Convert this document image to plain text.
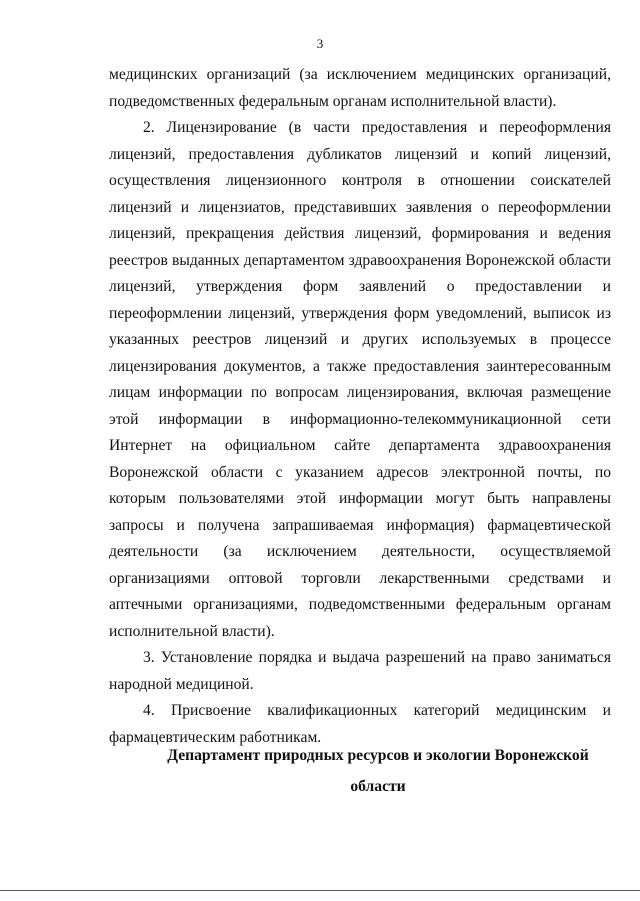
3

медицинских организаций (за исключением медицинских организаций, подведомственных федеральным органам исполнительной власти).

2. Лицензирование (в части предоставления и переоформления лицензий, предоставления дубликатов лицензий и копий лицензий, осуществления лицензионного контроля в отношении соискателей лицензий и лицензиатов, представивших заявления о переоформлении лицензий, прекращения действия лицензий, формирования и ведения реестров выданных департаментом здравоохранения Воронежской области лицензий, утверждения форм заявлений о предоставлении и переоформлении лицензий, утверждения форм уведомлений, выписок из указанных реестров лицензий и других используемых в процессе лицензирования документов, а также предоставления заинтересованным лицам информации по вопросам лицензирования, включая размещение этой информации в информационно-телекоммуникационной сети Интернет на официальном сайте департамента здравоохранения Воронежской области с указанием адресов электронной почты, по которым пользователями этой информации могут быть направлены запросы и получена запрашиваемая информация) фармацевтической деятельности (за исключением деятельности, осуществляемой организациями оптовой торговли лекарственными средствами и аптечными организациями, подведомственными федеральным органам исполнительной власти).

3. Установление порядка и выдача разрешений на право заниматься народной медициной.

4. Присвоение квалификационных категорий медицинским и фармацевтическим работникам.

Департамент природных ресурсов и экологии Воронежской
области
